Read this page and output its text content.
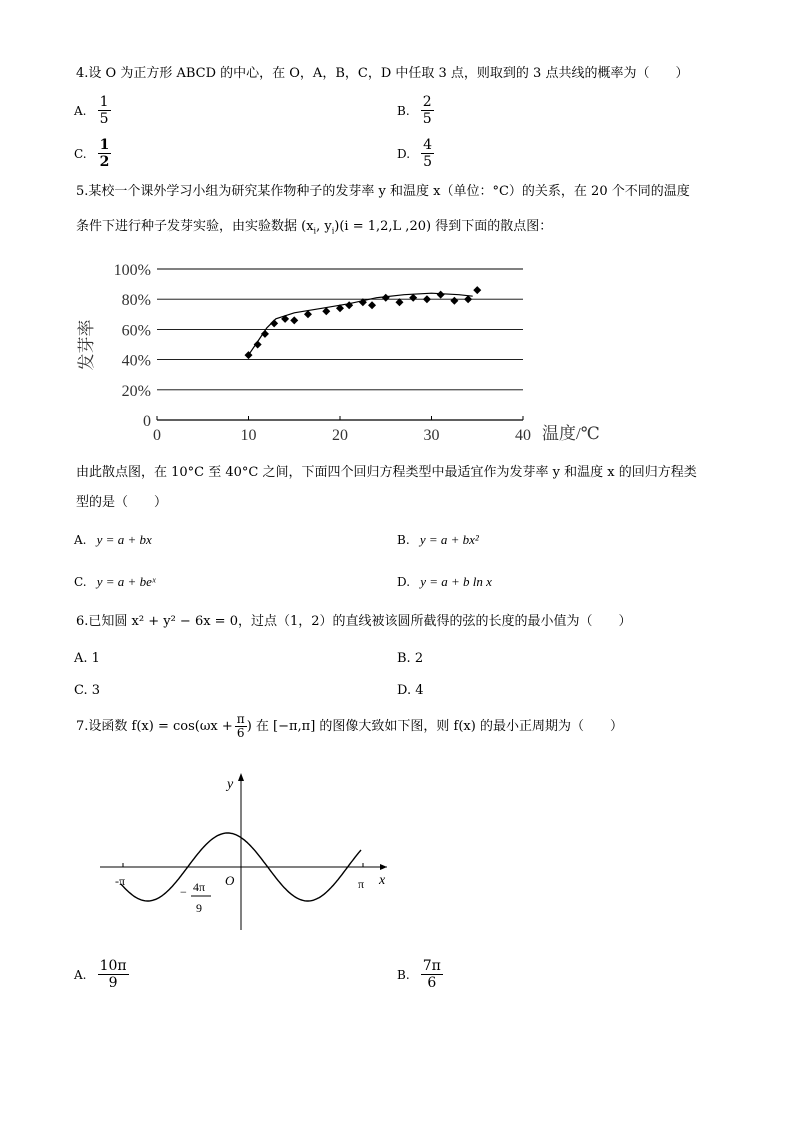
4.设 O 为正方形 ABCD 的中心，在 O，A，B，C，D 中任取 3 点，则取到的 3 点共线的概率为（　　）
A. $\frac{1}{5}$	B. $\frac{2}{5}$
C. $\frac{1}{2}$	D. $\frac{4}{5}$
5.某校一个课外学习小组为研究某作物种子的发芽率 y 和温度 x（单位：°C）的关系，在 20 个不同的温度
条件下进行种子发芽实验，由实验数据 ($x_i$, $y_i)(i = 1,2,L$ ,20) 得到下面的散点图：
0
20%
40%
60%
80%
100%
0	10	20	30	40
发芽率
温度/℃
由此散点图，在 10°C 至 40°C 之间，下面四个回归方程类型中最适宜作为发芽率 y 和温度 x 的回归方程类
型的是（　　）
A. y = a + bx	B. y = a + bx²
C. y = a + beˣ	D. y = a + b ln x
6.已知圆 x² + y² − 6x = 0，过点（1，2）的直线被该圆所截得的弦的长度的最小值为（　　）
A. 1	B. 2
C. 3	D. 4
7.设函数 $f(x) = \cos(\omega x + \frac{\pi}{6}$ ) 在 [−π,π] 的图像大致如下图，则 f(x) 的最小正周期为（　　）
y
x
O
-π	π
− 4π
9
A. $\frac{10\pi}{9}$	B. $\frac{7\pi}{6}$
